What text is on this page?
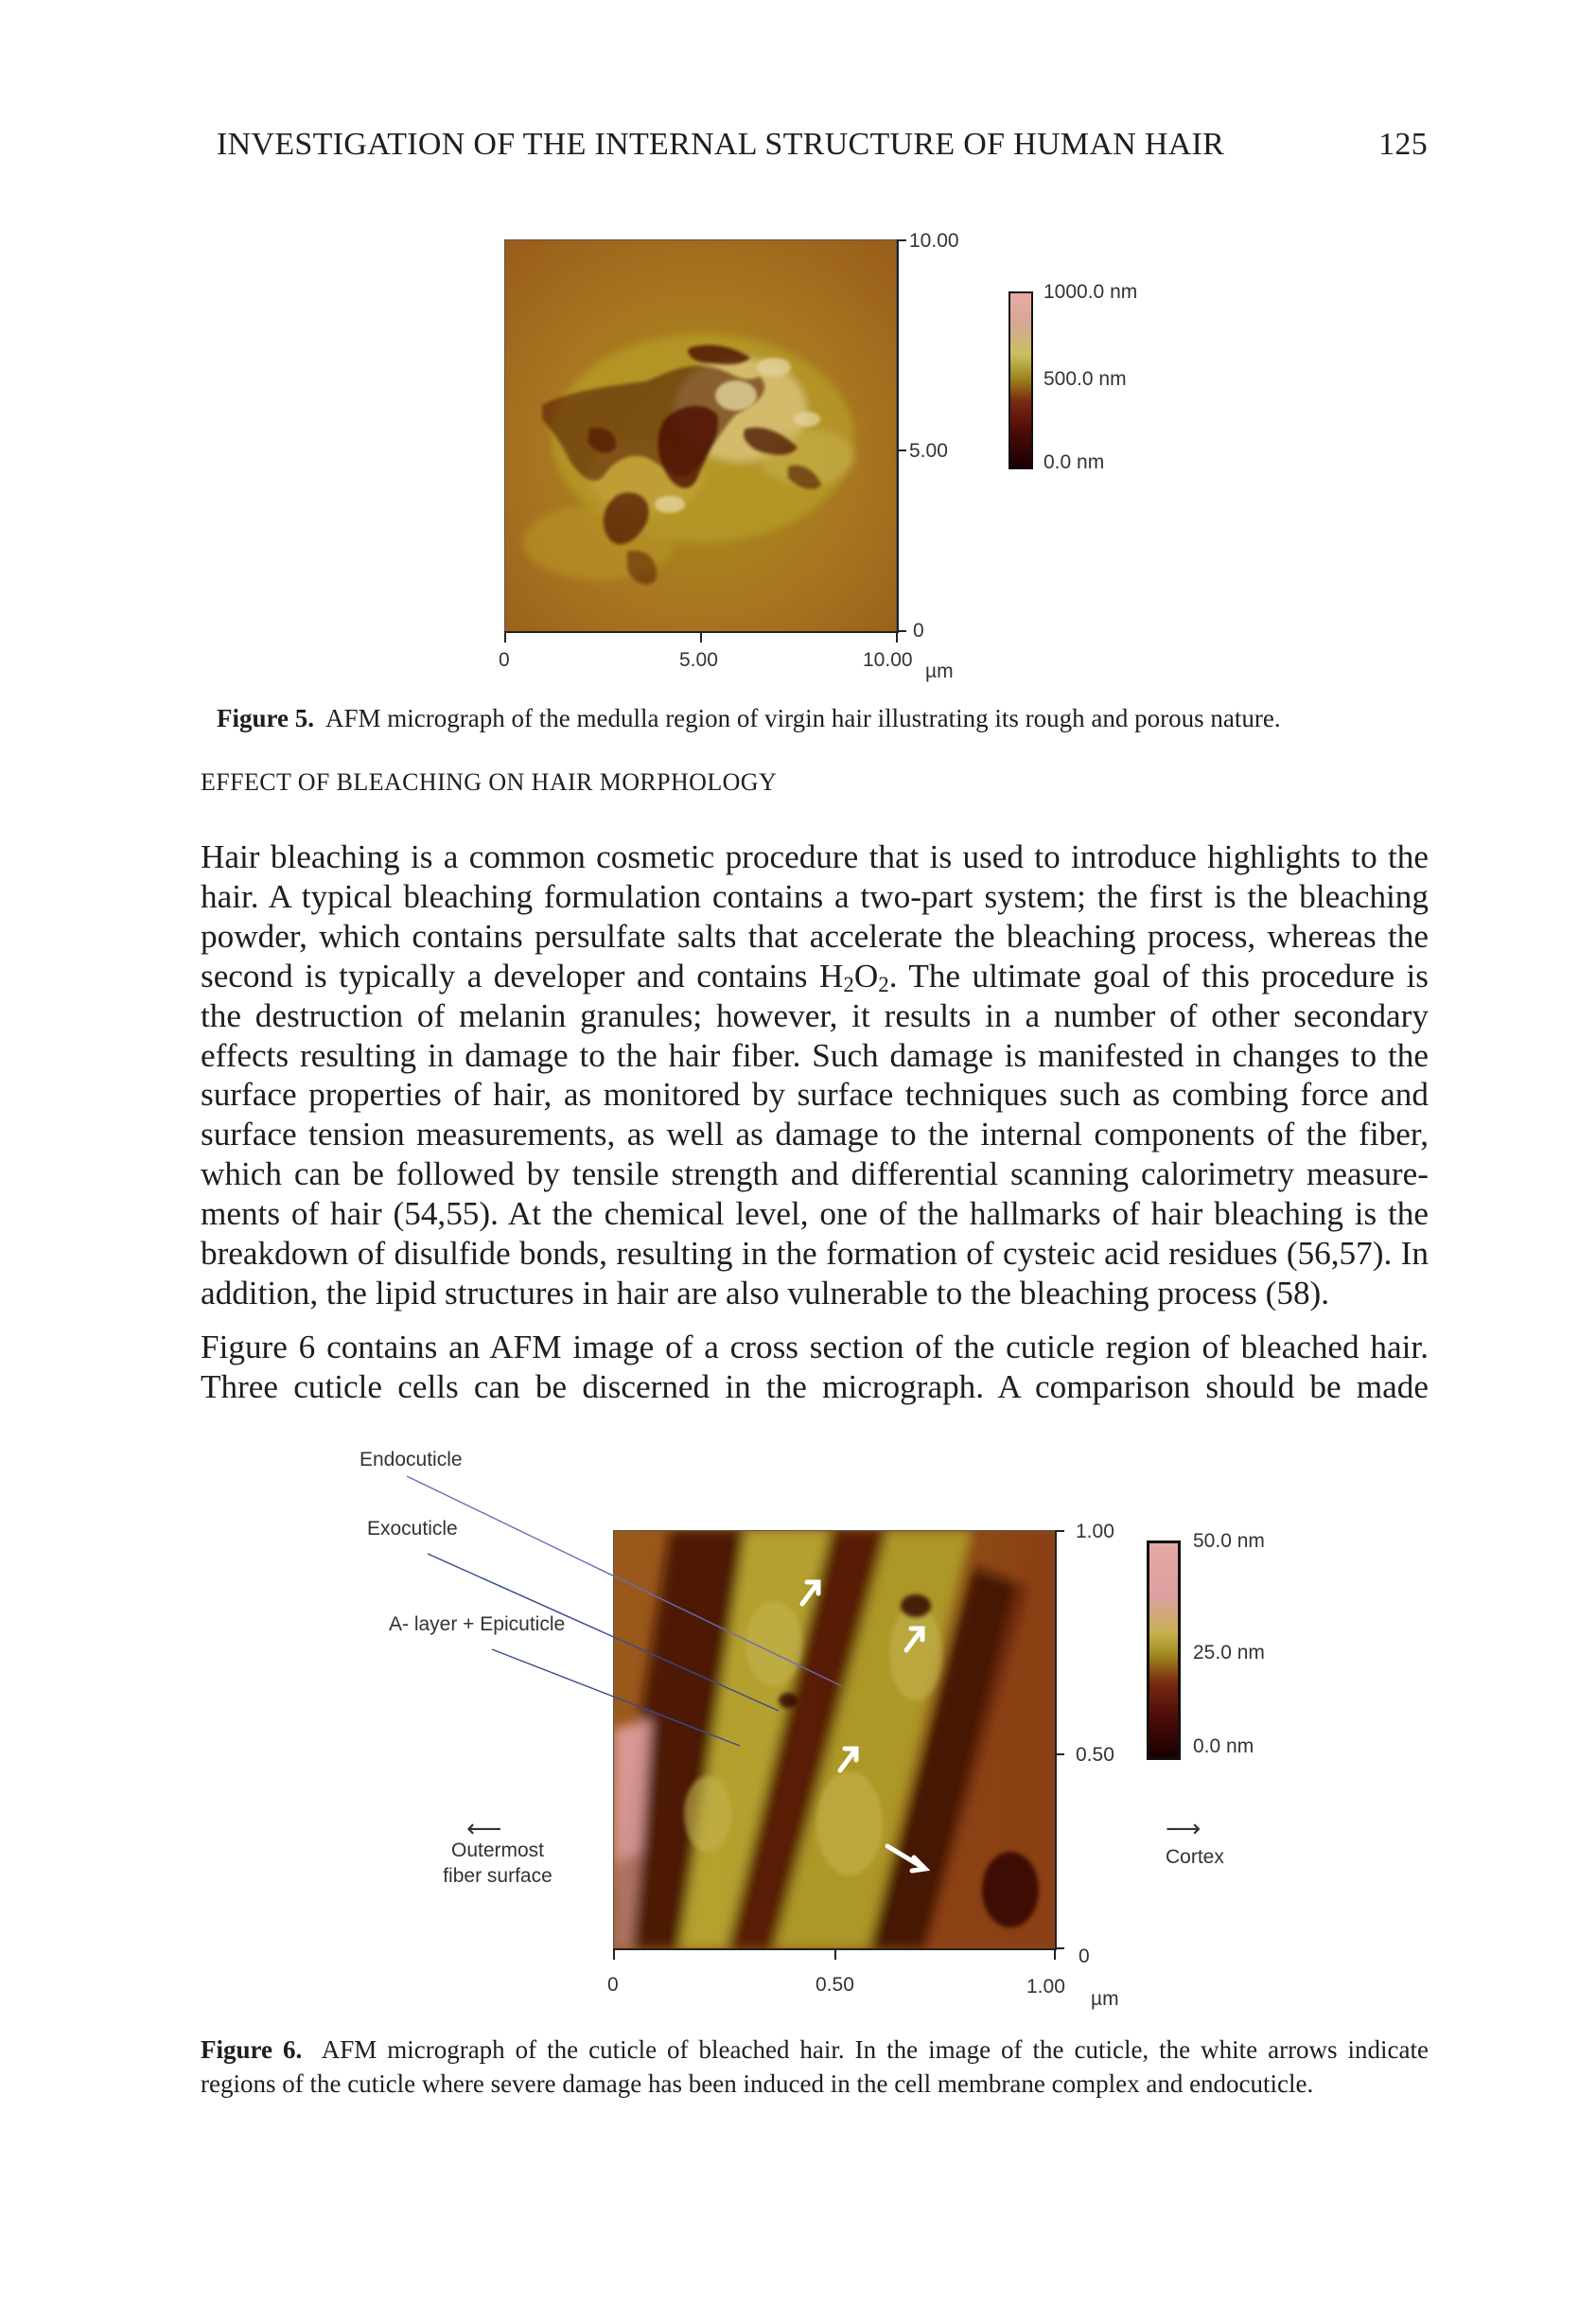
INVESTIGATION OF THE INTERNAL STRUCTURE OF HUMAN HAIR	125
10.00
5.00
0
0	5.00	10.00
µm
1000.0 nm
500.0 nm
0.0 nm
Figure 5. AFM micrograph of the medulla region of virgin hair illustrating its rough and porous nature.
EFFECT OF BLEACHING ON HAIR MORPHOLOGY

Hair bleaching is a common cosmetic procedure that is used to introduce highlights to the hair. A typical bleaching formulation contains a two-part system; the first is the bleaching powder, which contains persulfate salts that accelerate the bleaching process, whereas the second is typically a developer and contains $H_2O_2$. The ultimate goal of this procedure is the destruction of melanin granules; however, it results in a number of other secondary effects resulting in damage to the hair fiber. Such damage is manifested in changes to the surface properties of hair, as monitored by surface techniques such as combing force and surface tension measurements, as well as damage to the internal components of the fiber, which can be followed by tensile strength and differential scanning calorimetry measurements of hair (54,55). At the chemical level, one of the hallmarks of hair bleaching is the breakdown of disulfide bonds, resulting in the formation of cysteic acid residues (56,57). In addition, the lipid structures in hair are also vulnerable to the bleaching process (58).

Figure 6 contains an AFM image of a cross section of the cuticle region of bleached hair. Three cuticle cells can be discerned in the micrograph. A comparison should be made

Endocuticle
Exocuticle
A- layer + Epicuticle
⟵
Outermost
fiber surface
⟶
Cortex
1.00
0.50
0
0	0.50	1.00
µm
50.0 nm
25.0 nm
0.0 nm
Figure 6. AFM micrograph of the cuticle of bleached hair. In the image of the cuticle, the white arrows indicate regions of the cuticle where severe damage has been induced in the cell membrane complex and endocuticle.
